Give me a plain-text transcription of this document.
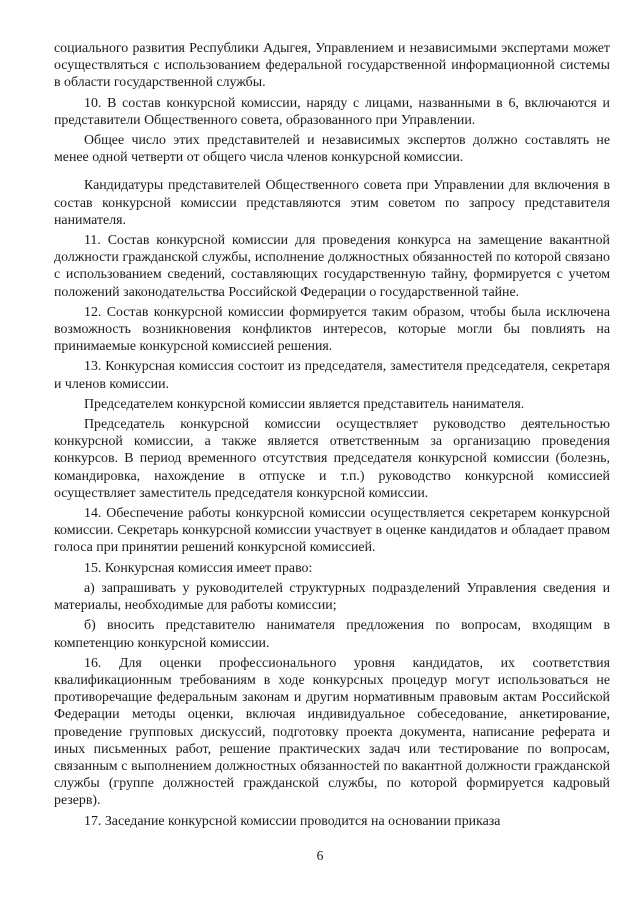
социального развития Республики Адыгея, Управлением и независимыми экспертами может осуществляться с использованием федеральной государственной информационной системы в области государственной службы.

10. В состав конкурсной комиссии, наряду с лицами, названными в 6, включаются и представители Общественного совета, образованного при Управлении.

Общее число этих представителей и независимых экспертов должно составлять не менее одной четверти от общего числа членов конкурсной комиссии.

Кандидатуры представителей Общественного совета при Управлении для включения в состав конкурсной комиссии представляются этим советом по запросу представителя нанимателя.

11. Состав конкурсной комиссии для проведения конкурса на замещение вакантной должности гражданской службы, исполнение должностных обязанностей по которой связано с использованием сведений, составляющих государственную тайну, формируется с учетом положений законодательства Российской Федерации о государственной тайне.

12. Состав конкурсной комиссии формируется таким образом, чтобы была исключена возможность возникновения конфликтов интересов, которые могли бы повлиять на принимаемые конкурсной комиссией решения.

13. Конкурсная комиссия состоит из председателя, заместителя председателя, секретаря и членов комиссии.

Председателем конкурсной комиссии является представитель нанимателя.

Председатель конкурсной комиссии осуществляет руководство деятельностью конкурсной комиссии, а также является ответственным за организацию проведения конкурсов. В период временного отсутствия председателя конкурсной комиссии (болезнь, командировка, нахождение в отпуске и т.п.) руководство конкурсной комиссией осуществляет заместитель председателя конкурсной комиссии.

14. Обеспечение работы конкурсной комиссии осуществляется секретарем конкурсной комиссии. Секретарь конкурсной комиссии участвует в оценке кандидатов и обладает правом голоса при принятии решений конкурсной комиссией.

15. Конкурсная комиссия имеет право:

а) запрашивать у руководителей структурных подразделений Управления сведения и материалы, необходимые для работы комиссии;

б) вносить представителю нанимателя предложения по вопросам, входящим в компетенцию конкурсной комиссии.

16. Для оценки профессионального уровня кандидатов, их соответствия квалификационным требованиям в ходе конкурсных процедур могут использоваться не противоречащие федеральным законам и другим нормативным правовым актам Российской Федерации методы оценки, включая индивидуальное собеседование, анкетирование, проведение групповых дискуссий, подготовку проекта документа, написание реферата и иных письменных работ, решение практических задач или тестирование по вопросам, связанным с выполнением должностных обязанностей по вакантной должности гражданской службы (группе должностей гражданской службы, по которой формируется кадровый резерв).

17. Заседание конкурсной комиссии проводится на основании приказа

6
